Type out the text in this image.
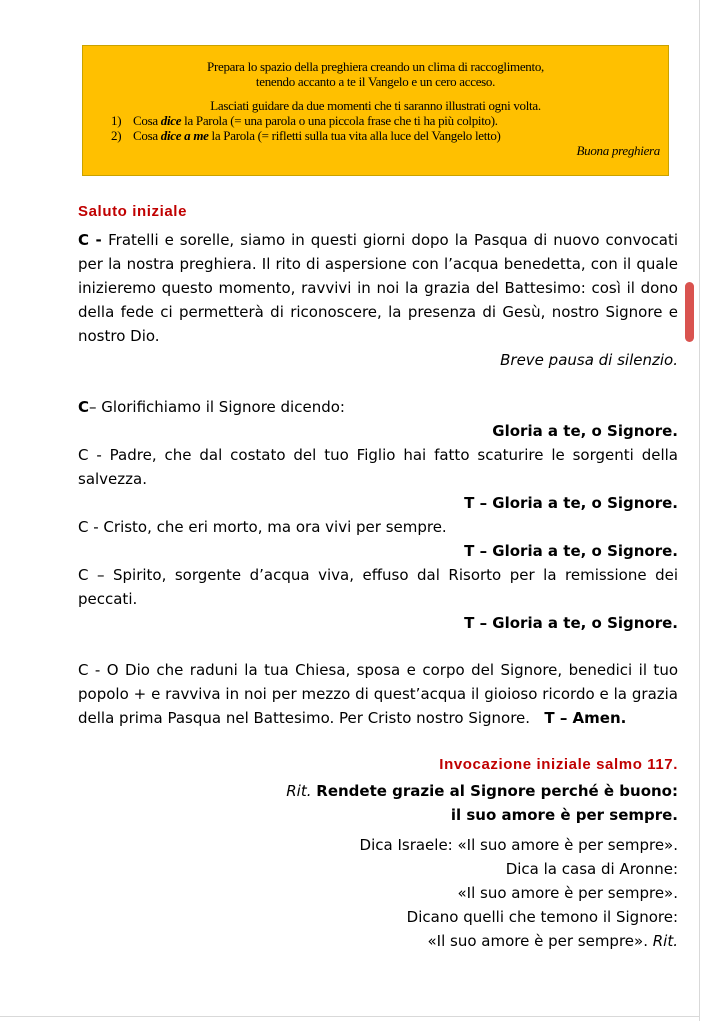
Prepara lo spazio della preghiera creando un clima di raccoglimento,

tenendo accanto a te il Vangelo e un cero acceso.

Lasciati guidare da due momenti che ti saranno illustrati ogni volta.

1) Cosa dice la Parola (= una parola o una piccola frase che ti ha più colpito).
2) Cosa dice a me la Parola (= rifletti sulla tua vita alla luce del Vangelo letto)

Buona preghiera

Saluto iniziale

C - Fratelli e sorelle, siamo in questi giorni dopo la Pasqua di nuovo convocati per la nostra preghiera. Il rito di aspersione con l’acqua benedetta, con il quale inizieremo questo momento, ravvivi in noi la grazia del Battesimo: così il dono della fede ci permetterà di riconoscere, la presenza di Gesù, nostro Signore e nostro Dio.

Breve pausa di silenzio.

C– Glorifichiamo il Signore dicendo:

Gloria a te, o Signore.

C - Padre, che dal costato del tuo Figlio hai fatto scaturire le sorgenti della salvezza.

T – Gloria a te, o Signore.

C - Cristo, che eri morto, ma ora vivi per sempre.

T – Gloria a te, o Signore.

C – Spirito, sorgente d’acqua viva, effuso dal Risorto per la remissione dei peccati.

T – Gloria a te, o Signore.

C - O Dio che raduni la tua Chiesa, sposa e corpo del Signore, benedici il tuo popolo + e ravviva in noi per mezzo di quest’acqua il gioioso ricordo e la grazia della prima Pasqua nel Battesimo. Per Cristo nostro Signore. T – Amen.

Invocazione iniziale salmo 117.

Rit. Rendete grazie al Signore perché è buono:

il suo amore è per sempre.

Dica Israele: «Il suo amore è per sempre».

Dica la casa di Aronne:

«Il suo amore è per sempre».

Dicano quelli che temono il Signore:

«Il suo amore è per sempre». Rit.
